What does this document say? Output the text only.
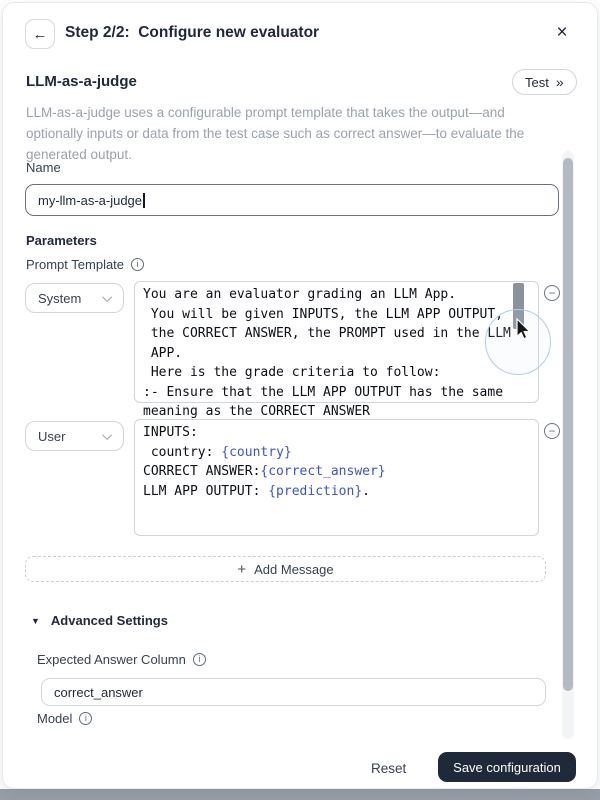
← Step 2/2:  Configure new evaluator	×
LLM-as-a-judge	Test »

LLM-as-a-judge uses a configurable prompt template that takes the output—and optionally inputs or data from the test case such as correct answer—to evaluate the generated output.

Name
my-llm-as-a-judge
Parameters
Prompt Template	i
System	You are an evaluator grading an LLM App.
You will be given INPUTS, the LLM APP OUTPUT,
the CORRECT ANSWER, the PROMPT used in the LLM
APP.
Here is the grade criteria to follow:
:- Ensure that the LLM APP OUTPUT has the same
meaning as the CORRECT ANSWER
−
User	INPUTS:
country: {country}
CORRECT ANSWER:{correct_answer}
LLM APP OUTPUT: {prediction}.
−
+ Add Message
▼ Advanced Settings
Expected Answer Column	i
correct_answer
Model	i
Reset	Save configuration
